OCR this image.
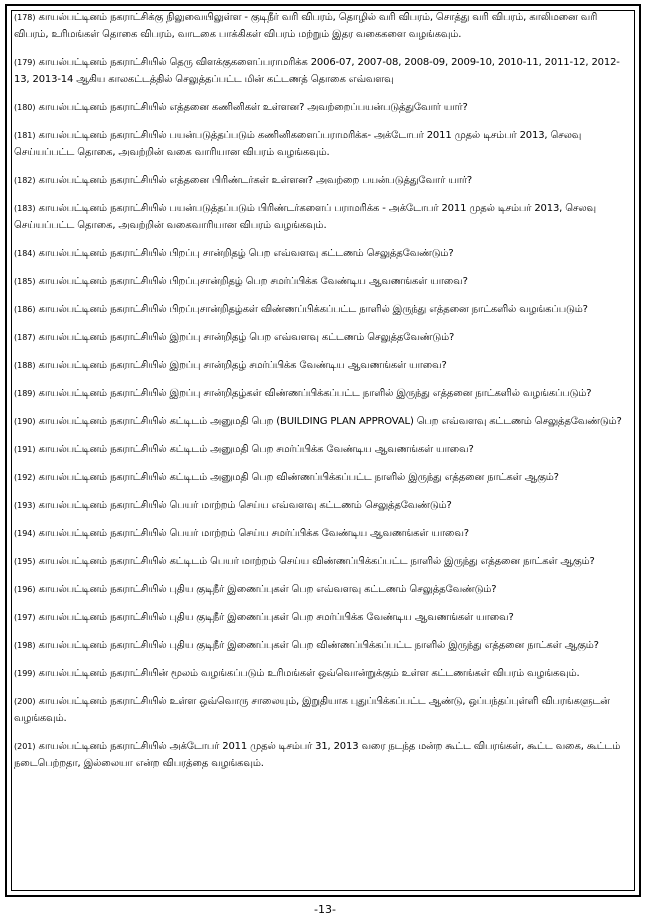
(178) காயல்பட்டினம் நகராட்சிக்கு நிலுவையிலுள்ள - குடிநீர் வரி விபரம், தொழில் வரி விபரம், சொத்து வரி விபரம், காலிமனை வரி விபரம், உரிமங்கள் தொகை விபரம், வாடகை பாக்கிகள் விபரம் மற்றும் இதர வகைகளை வழங்கவும்.
(179) காயல்பட்டினம் நகராட்சியில் தெரு விளக்குகளைப்பராமரிக்க 2006-07, 2007-08, 2008-09, 2009-10, 2010-11, 2011-12, 2012-13, 2013-14 ஆகிய காலகட்டத்தில் செலுத்தப்பட்ட மின் கட்டணத் தொகை எவ்வளவு
(180) காயல்பட்டினம் நகராட்சியில் எத்தனை கணினிகள் உள்ளன? அவற்றைப்பயன்படுத்துவோர் யார்?
(181) காயல்பட்டினம் நகராட்சியில் பயன்படுத்தப்படும் கணினிகளைப்பராமரிக்க- அக்டோபர் 2011 முதல் டிசம்பர் 2013, செலவு செய்யப்பட்ட தொகை, அவற்றின் வகை வாரியான விபரம் வழங்கவும்.
(182) காயல்பட்டினம் நகராட்சியில் எத்தனை பிரிண்டர்கள் உள்ளன? அவற்றை பயன்படுத்துவோர் யார்?
(183) காயல்பட்டினம் நகராட்சியில் பயன்படுத்தப்படும் பிரிண்டர்களைப் பராமரிக்க - அக்டோபர் 2011 முதல் டிசம்பர் 2013, செலவு செய்யப்பட்ட தொகை, அவற்றின் வகைவாரியான விபரம் வழங்கவும்.
(184) காயல்பட்டினம் நகராட்சியில் பிறப்பு சான்றிதழ் பெற எவ்வளவு கட்டணம் செலுத்தவேண்டும்?
(185) காயல்பட்டினம் நகராட்சியில் பிறப்புசான்றிதழ் பெற சமர்ப்பிக்க வேண்டிய ஆவணங்கள் யாவை?
(186) காயல்பட்டினம் நகராட்சியில் பிறப்புசான்றிதழ்கள் விண்ணப்பிக்கப்பட்ட நாளில் இருந்து எத்தனை நாட்களில் வழங்கப்படும்?
(187) காயல்பட்டினம் நகராட்சியில் இறப்பு சான்றிதழ் பெற எவ்வளவு கட்டணம் செலுத்தவேண்டும்?
(188) காயல்பட்டினம் நகராட்சியில் இறப்பு சான்றிதழ் சமர்ப்பிக்க வேண்டிய ஆவணங்கள் யாவை?
(189) காயல்பட்டினம் நகராட்சியில் இறப்பு சான்றிதழ்கள் விண்ணப்பிக்கப்பட்ட நாளில் இருந்து எத்தனை நாட்களில் வழங்கப்படும்?
(190) காயல்பட்டினம் நகராட்சியில் கட்டிடம் அனுமதி பெற (BUILDING PLAN APPROVAL) பெற எவ்வளவு கட்டணம் செலுத்தவேண்டும்?
(191) காயல்பட்டினம் நகராட்சியில் கட்டிடம் அனுமதி பெற சமர்ப்பிக்க வேண்டிய ஆவணங்கள் யாவை?
(192) காயல்பட்டினம் நகராட்சியில் கட்டிடம் அனுமதி பெற விண்ணப்பிக்கப்பட்ட நாளில் இருந்து எத்தனை நாட்கள் ஆகும்?
(193) காயல்பட்டினம் நகராட்சியில் பெயர் மாற்றம் செய்ய எவ்வளவு கட்டணம் செலுத்தவேண்டும்?
(194) காயல்பட்டினம் நகராட்சியில் பெயர் மாற்றம் செய்ய சமர்ப்பிக்க வேண்டிய ஆவணங்கள் யாவை?
(195) காயல்பட்டினம் நகராட்சியில் கட்டிடம் பெயர் மாற்றம் செய்ய விண்ணப்பிக்கப்பட்ட நாளில் இருந்து எத்தனை நாட்கள் ஆகும்?
(196) காயல்பட்டினம் நகராட்சியில் புதிய குடிநீர் இணைப்புகள் பெற எவ்வளவு கட்டணம் செலுத்தவேண்டும்?
(197) காயல்பட்டினம் நகராட்சியில் புதிய குடிநீர் இணைப்புகள் பெற சமர்ப்பிக்க வேண்டிய ஆவணங்கள் யாவை?
(198) காயல்பட்டினம் நகராட்சியில் புதிய குடிநீர் இணைப்புகள் பெற விண்ணப்பிக்கப்பட்ட நாளில் இருந்து எத்தனை நாட்கள் ஆகும்?
(199) காயல்பட்டினம் நகராட்சியின் மூலம் வழங்கப்படும் உரிமங்கள் ஒவ்வொன்றுக்கும் உள்ள கட்டணங்கள் விபரம் வழங்கவும்.
(200) காயல்பட்டினம் நகராட்சியில் உள்ள ஒவ்வொரு சாலையும், இறுதியாக புதுப்பிக்கப்பட்ட ஆண்டு, ஒப்பந்தப்புள்ளி விபரங்களுடன் வழங்கவும்.
(201) காயல்பட்டினம் நகராட்சியில் அக்டோபர் 2011 முதல் டிசம்பர் 31, 2013 வரை நடந்த மன்ற கூட்ட விபரங்கள், கூட்ட வகை, கூட்டம் நடைபெற்றதா, இல்லையா என்ற விபரத்தை வழங்கவும்.
-13-
